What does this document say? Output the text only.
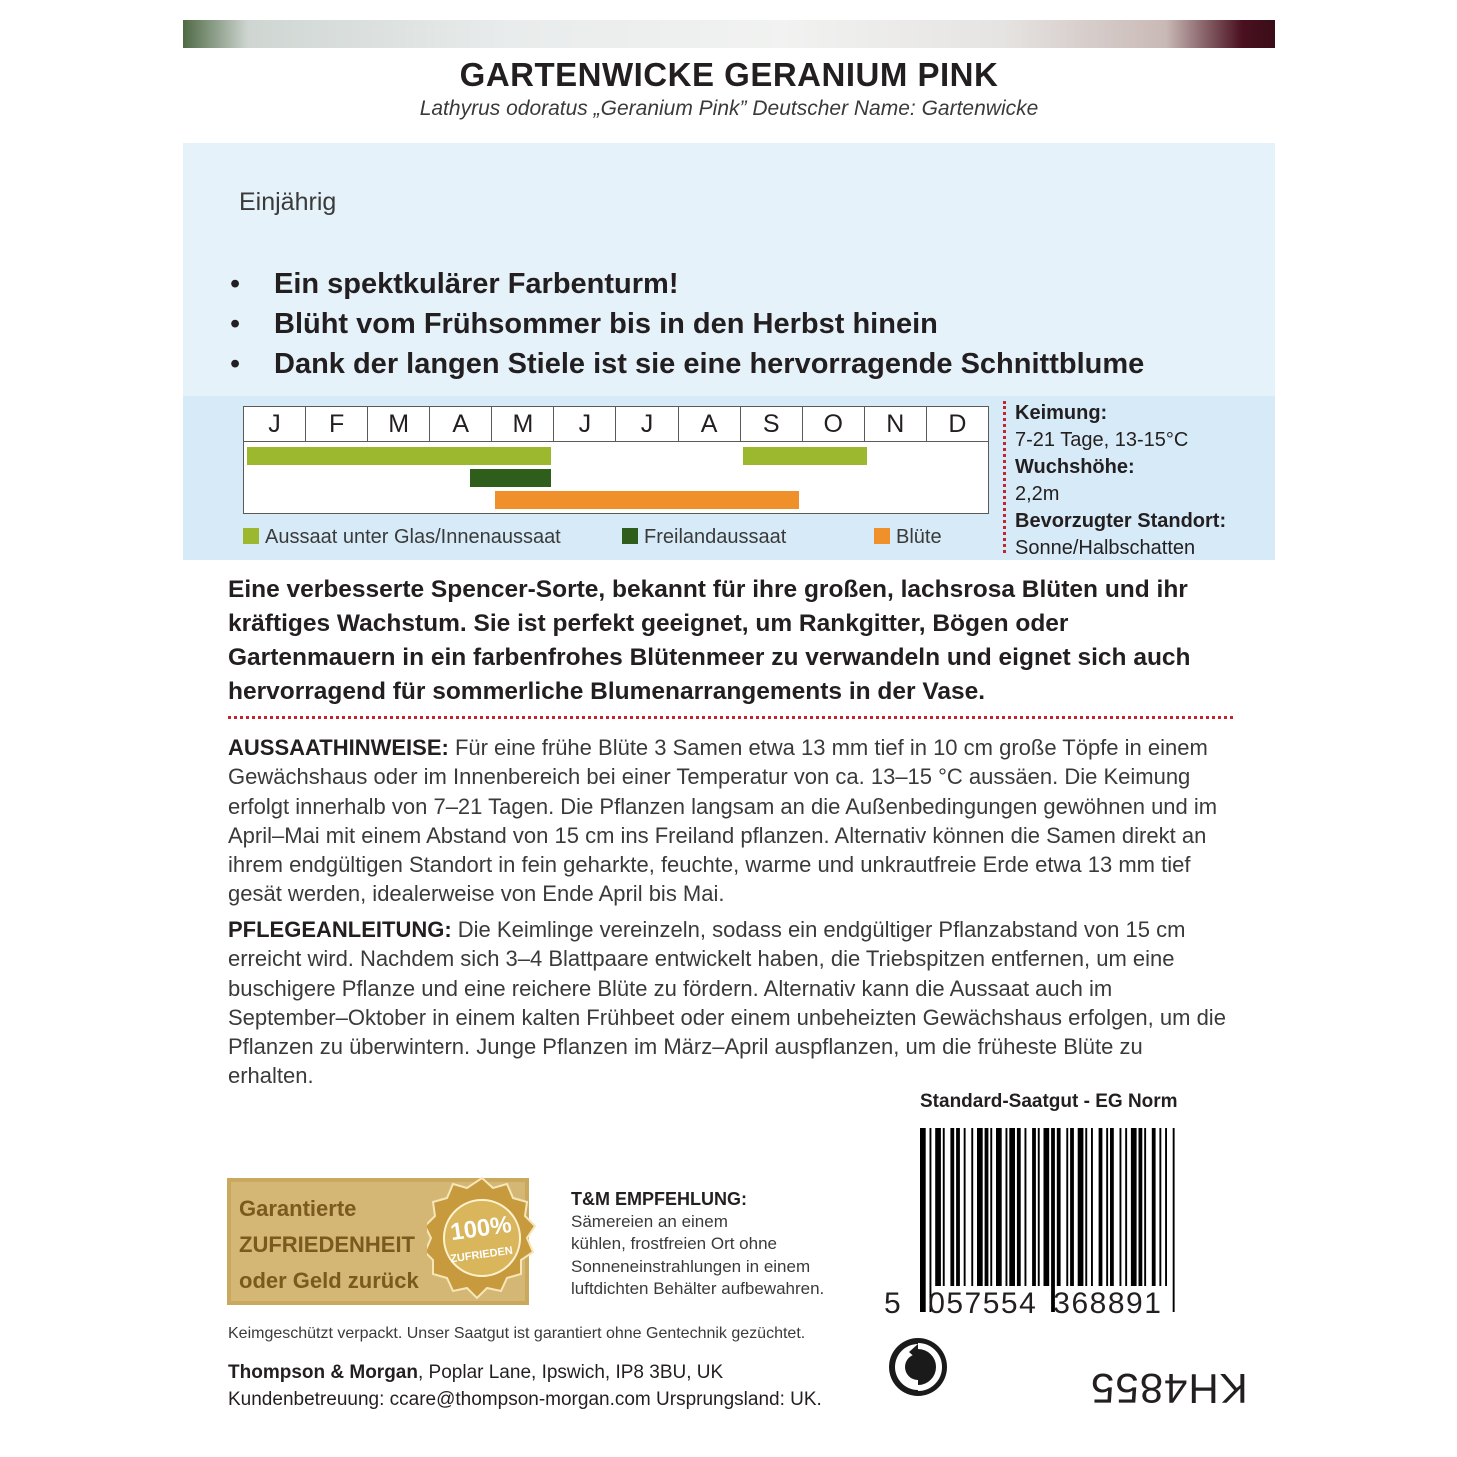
GARTENWICKE GERANIUM PINK
Lathyrus odoratus „Geranium Pink” Deutscher Name: Gartenwicke
Einjährig
• Ein spektkulärer Farbenturm!
• Blüht vom Frühsommer bis in den Herbst hinein
• Dank der langen Stiele ist sie eine hervorragende Schnittblume
J	F	M	A	M	J	J	A	S	O	N	D
Aussaat unter Glas/Innenaussaat	Freilandaussaat	Blüte
Keimung:
7-21 Tage, 13-15°C
Wuchshöhe:
2,2m
Bevorzugter Standort:
Sonne/Halbschatten
Eine verbesserte Spencer-Sorte, bekannt für ihre großen, lachsrosa Blüten und ihr kräftiges Wachstum. Sie ist perfekt geeignet, um Rankgitter, Bögen oder Gartenmauern in ein farbenfrohes Blütenmeer zu verwandeln und eignet sich auch hervorragend für sommerliche Blumenarrangements in der Vase.
AUSSAATHINWEISE: Für eine frühe Blüte 3 Samen etwa 13 mm tief in 10 cm große Töpfe in einem Gewächshaus oder im Innenbereich bei einer Temperatur von ca. 13–15 °C aussäen. Die Keimung erfolgt innerhalb von 7–21 Tagen. Die Pflanzen langsam an die Außenbedingungen gewöhnen und im April–Mai mit einem Abstand von 15 cm ins Freiland pflanzen. Alternativ können die Samen direkt an ihrem endgültigen Standort in fein geharkte, feuchte, warme und unkrautfreie Erde etwa 13 mm tief gesät werden, idealerweise von Ende April bis Mai.
PFLEGEANLEITUNG: Die Keimlinge vereinzeln, sodass ein endgültiger Pflanzabstand von 15 cm erreicht wird. Nachdem sich 3–4 Blattpaare entwickelt haben, die Triebspitzen entfernen, um eine buschigere Pflanze und eine reichere Blüte zu fördern. Alternativ kann die Aussaat auch im September–Oktober in einem kalten Frühbeet oder einem unbeheizten Gewächshaus erfolgen, um die Pflanzen zu überwintern. Junge Pflanzen im März–April auspflanzen, um die früheste Blüte zu erhalten.
Standard-Saatgut - EG Norm
5 057554 368891
Garantierte
ZUFRIEDENHEIT
oder Geld zurück
100%
ZUFRIEDEN
T&M EMPFEHLUNG:
Sämereien an einem
kühlen, frostfreien Ort ohne
Sonneneinstrahlungen in einem
luftdichten Behälter aufbewahren.
Keimgeschützt verpackt. Unser Saatgut ist garantiert ohne Gentechnik gezüchtet.
Thompson & Morgan, Poplar Lane, Ipswich, IP8 3BU, UK
Kundenbetreuung: ccare@thompson-morgan.com Ursprungsland: UK.	KH4855
